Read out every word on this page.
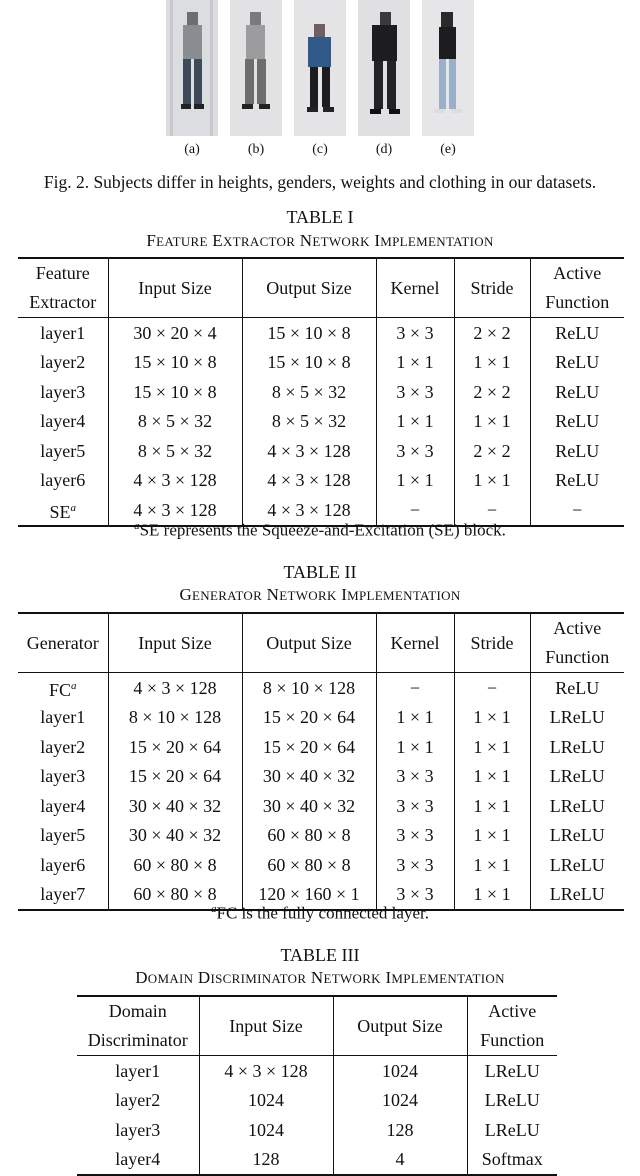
(a)	(b)	(c)	(d)	(e)
Fig. 2. Subjects differ in heights, genders, weights and clothing in our datasets.
TABLE I
FEATURE EXTRACTOR NETWORK IMPLEMENTATION
Feature Extractor	Input Size	Output Size	Kernel	Stride	Active Function
layer1	30 × 20 × 4	15 × 10 × 8	3 × 3	2 × 2	ReLU
layer2	15 × 10 × 8	15 × 10 × 8	1 × 1	1 × 1	ReLU
layer3	15 × 10 × 8	8 × 5 × 32	3 × 3	2 × 2	ReLU
layer4	8 × 5 × 32	8 × 5 × 32	1 × 1	1 × 1	ReLU
layer5	8 × 5 × 32	4 × 3 × 128	3 × 3	2 × 2	ReLU
layer6	4 × 3 × 128	4 × 3 × 128	1 × 1	1 × 1	ReLU
$SE^a$	4 × 3 × 128	4 × 3 × 128	−	−	−
$^a$SE represents the Squeeze-and-Excitation (SE) block.
TABLE II
GENERATOR NETWORK IMPLEMENTATION
Generator	Input Size	Output Size	Kernel	Stride	Active Function
$FC^a$	4 × 3 × 128	8 × 10 × 128	−	−	ReLU
layer1	8 × 10 × 128	15 × 20 × 64	1 × 1	1 × 1	LReLU
layer2	15 × 20 × 64	15 × 20 × 64	1 × 1	1 × 1	LReLU
layer3	15 × 20 × 64	30 × 40 × 32	3 × 3	1 × 1	LReLU
layer4	30 × 40 × 32	30 × 40 × 32	3 × 3	1 × 1	LReLU
layer5	30 × 40 × 32	60 × 80 × 8	3 × 3	1 × 1	LReLU
layer6	60 × 80 × 8	60 × 80 × 8	3 × 3	1 × 1	LReLU
layer7	60 × 80 × 8	120 × 160 × 1	3 × 3	1 × 1	LReLU
$^a$FC is the fully connected layer.
TABLE III
DOMAIN DISCRIMINATOR NETWORK IMPLEMENTATION
Domain Discriminator	Input Size	Output Size	Active Function
layer1	4 × 3 × 128	1024	LReLU
layer2	1024	1024	LReLU
layer3	1024	128	LReLU
layer4	128	4	Softmax
